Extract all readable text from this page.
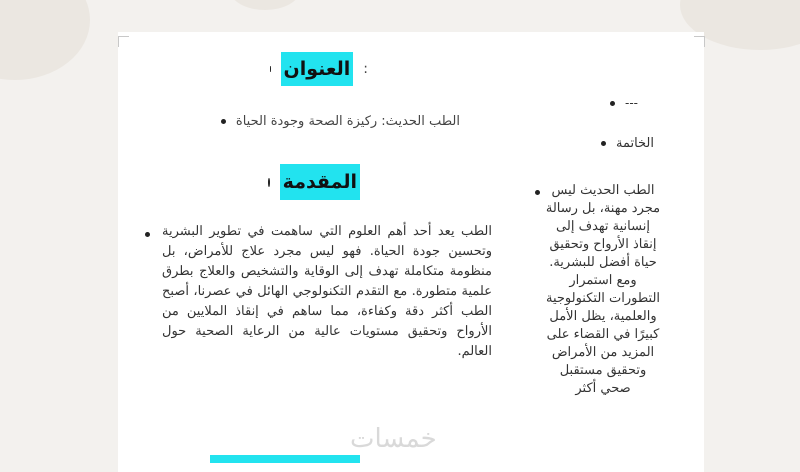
:
العنوان
الطب الحديث: ركيزة الصحة وجودة الحياة
المقدمة
الطب يعد أحد أهم العلوم التي ساهمت في تطوير البشرية وتحسين جودة الحياة. فهو ليس مجرد علاج للأمراض، بل منظومة متكاملة تهدف إلى الوقاية والتشخيص والعلاج بطرق علمية متطورة. مع التقدم التكنولوجي الهائل في عصرنا، أصبح الطب أكثر دقة وكفاءة، مما ساهم في إنقاذ الملايين من الأرواح وتحقيق مستويات عالية من الرعاية الصحية حول العالم.
---
الخاتمة
الطب الحديث ليس مجرد مهنة، بل رسالة إنسانية تهدف إلى إنقاذ الأرواح وتحقيق حياة أفضل للبشرية. ومع استمرار التطورات التكنولوجية والعلمية، يظل الأمل كبيرًا في القضاء على المزيد من الأمراض وتحقيق مستقبل صحي أكثر
خمسات
